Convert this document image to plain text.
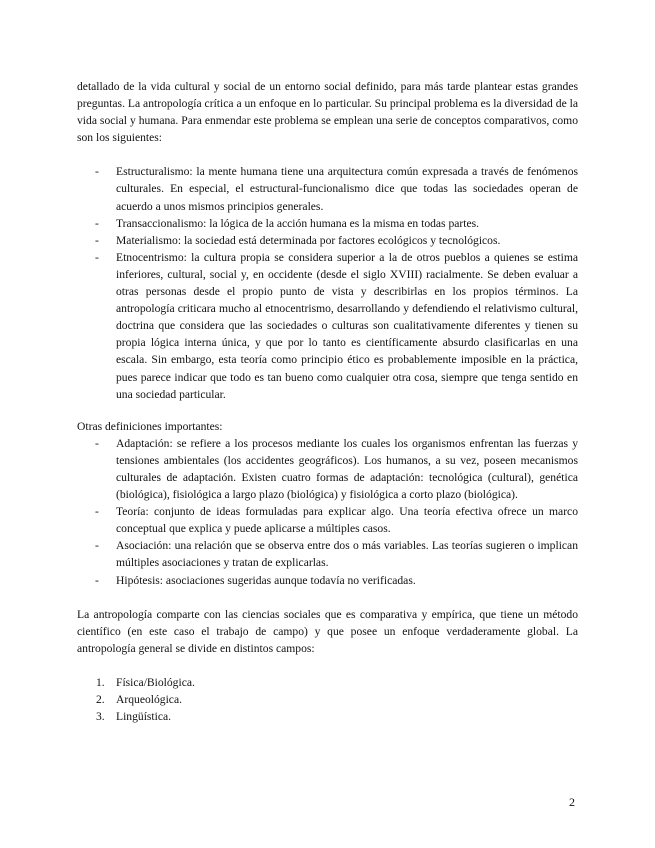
detallado de la vida cultural y social de un entorno social definido, para más tarde plantear estas grandes preguntas. La antropología crítica a un enfoque en lo particular. Su principal problema es la diversidad de la vida social y humana. Para enmendar este problema se emplean una serie de conceptos comparativos, como son los siguientes:

- Estructuralismo: la mente humana tiene una arquitectura común expresada a través de fenómenos culturales. En especial, el estructural-funcionalismo dice que todas las sociedades operan de acuerdo a unos mismos principios generales.
- Transaccionalismo: la lógica de la acción humana es la misma en todas partes.
- Materialismo: la sociedad está determinada por factores ecológicos y tecnológicos.
- Etnocentrismo: la cultura propia se considera superior a la de otros pueblos a quienes se estima inferiores, cultural, social y, en occidente (desde el siglo XVIII) racialmente. Se deben evaluar a otras personas desde el propio punto de vista y describirlas en los propios términos. La antropología criticara mucho al etnocentrismo, desarrollando y defendiendo el relativismo cultural, doctrina que considera que las sociedades o culturas son cualitativamente diferentes y tienen su propia lógica interna única, y que por lo tanto es científicamente absurdo clasificarlas en una escala. Sin embargo, esta teoría como principio ético es probablemente imposible en la práctica, pues parece indicar que todo es tan bueno como cualquier otra cosa, siempre que tenga sentido en una sociedad particular.

Otras definiciones importantes:

- Adaptación: se refiere a los procesos mediante los cuales los organismos enfrentan las fuerzas y tensiones ambientales (los accidentes geográficos). Los humanos, a su vez, poseen mecanismos culturales de adaptación. Existen cuatro formas de adaptación: tecnológica (cultural), genética (biológica), fisiológica a largo plazo (biológica) y fisiológica a corto plazo (biológica).
- Teoría: conjunto de ideas formuladas para explicar algo. Una teoría efectiva ofrece un marco conceptual que explica y puede aplicarse a múltiples casos.
- Asociación: una relación que se observa entre dos o más variables. Las teorías sugieren o implican múltiples asociaciones y tratan de explicarlas.
- Hipótesis: asociaciones sugeridas aunque todavía no verificadas.

La antropología comparte con las ciencias sociales que es comparativa y empírica, que tiene un método científico (en este caso el trabajo de campo) y que posee un enfoque verdaderamente global. La antropología general se divide en distintos campos:

1. Física/Biológica.
2. Arqueológica.
3. Lingüística.
2
